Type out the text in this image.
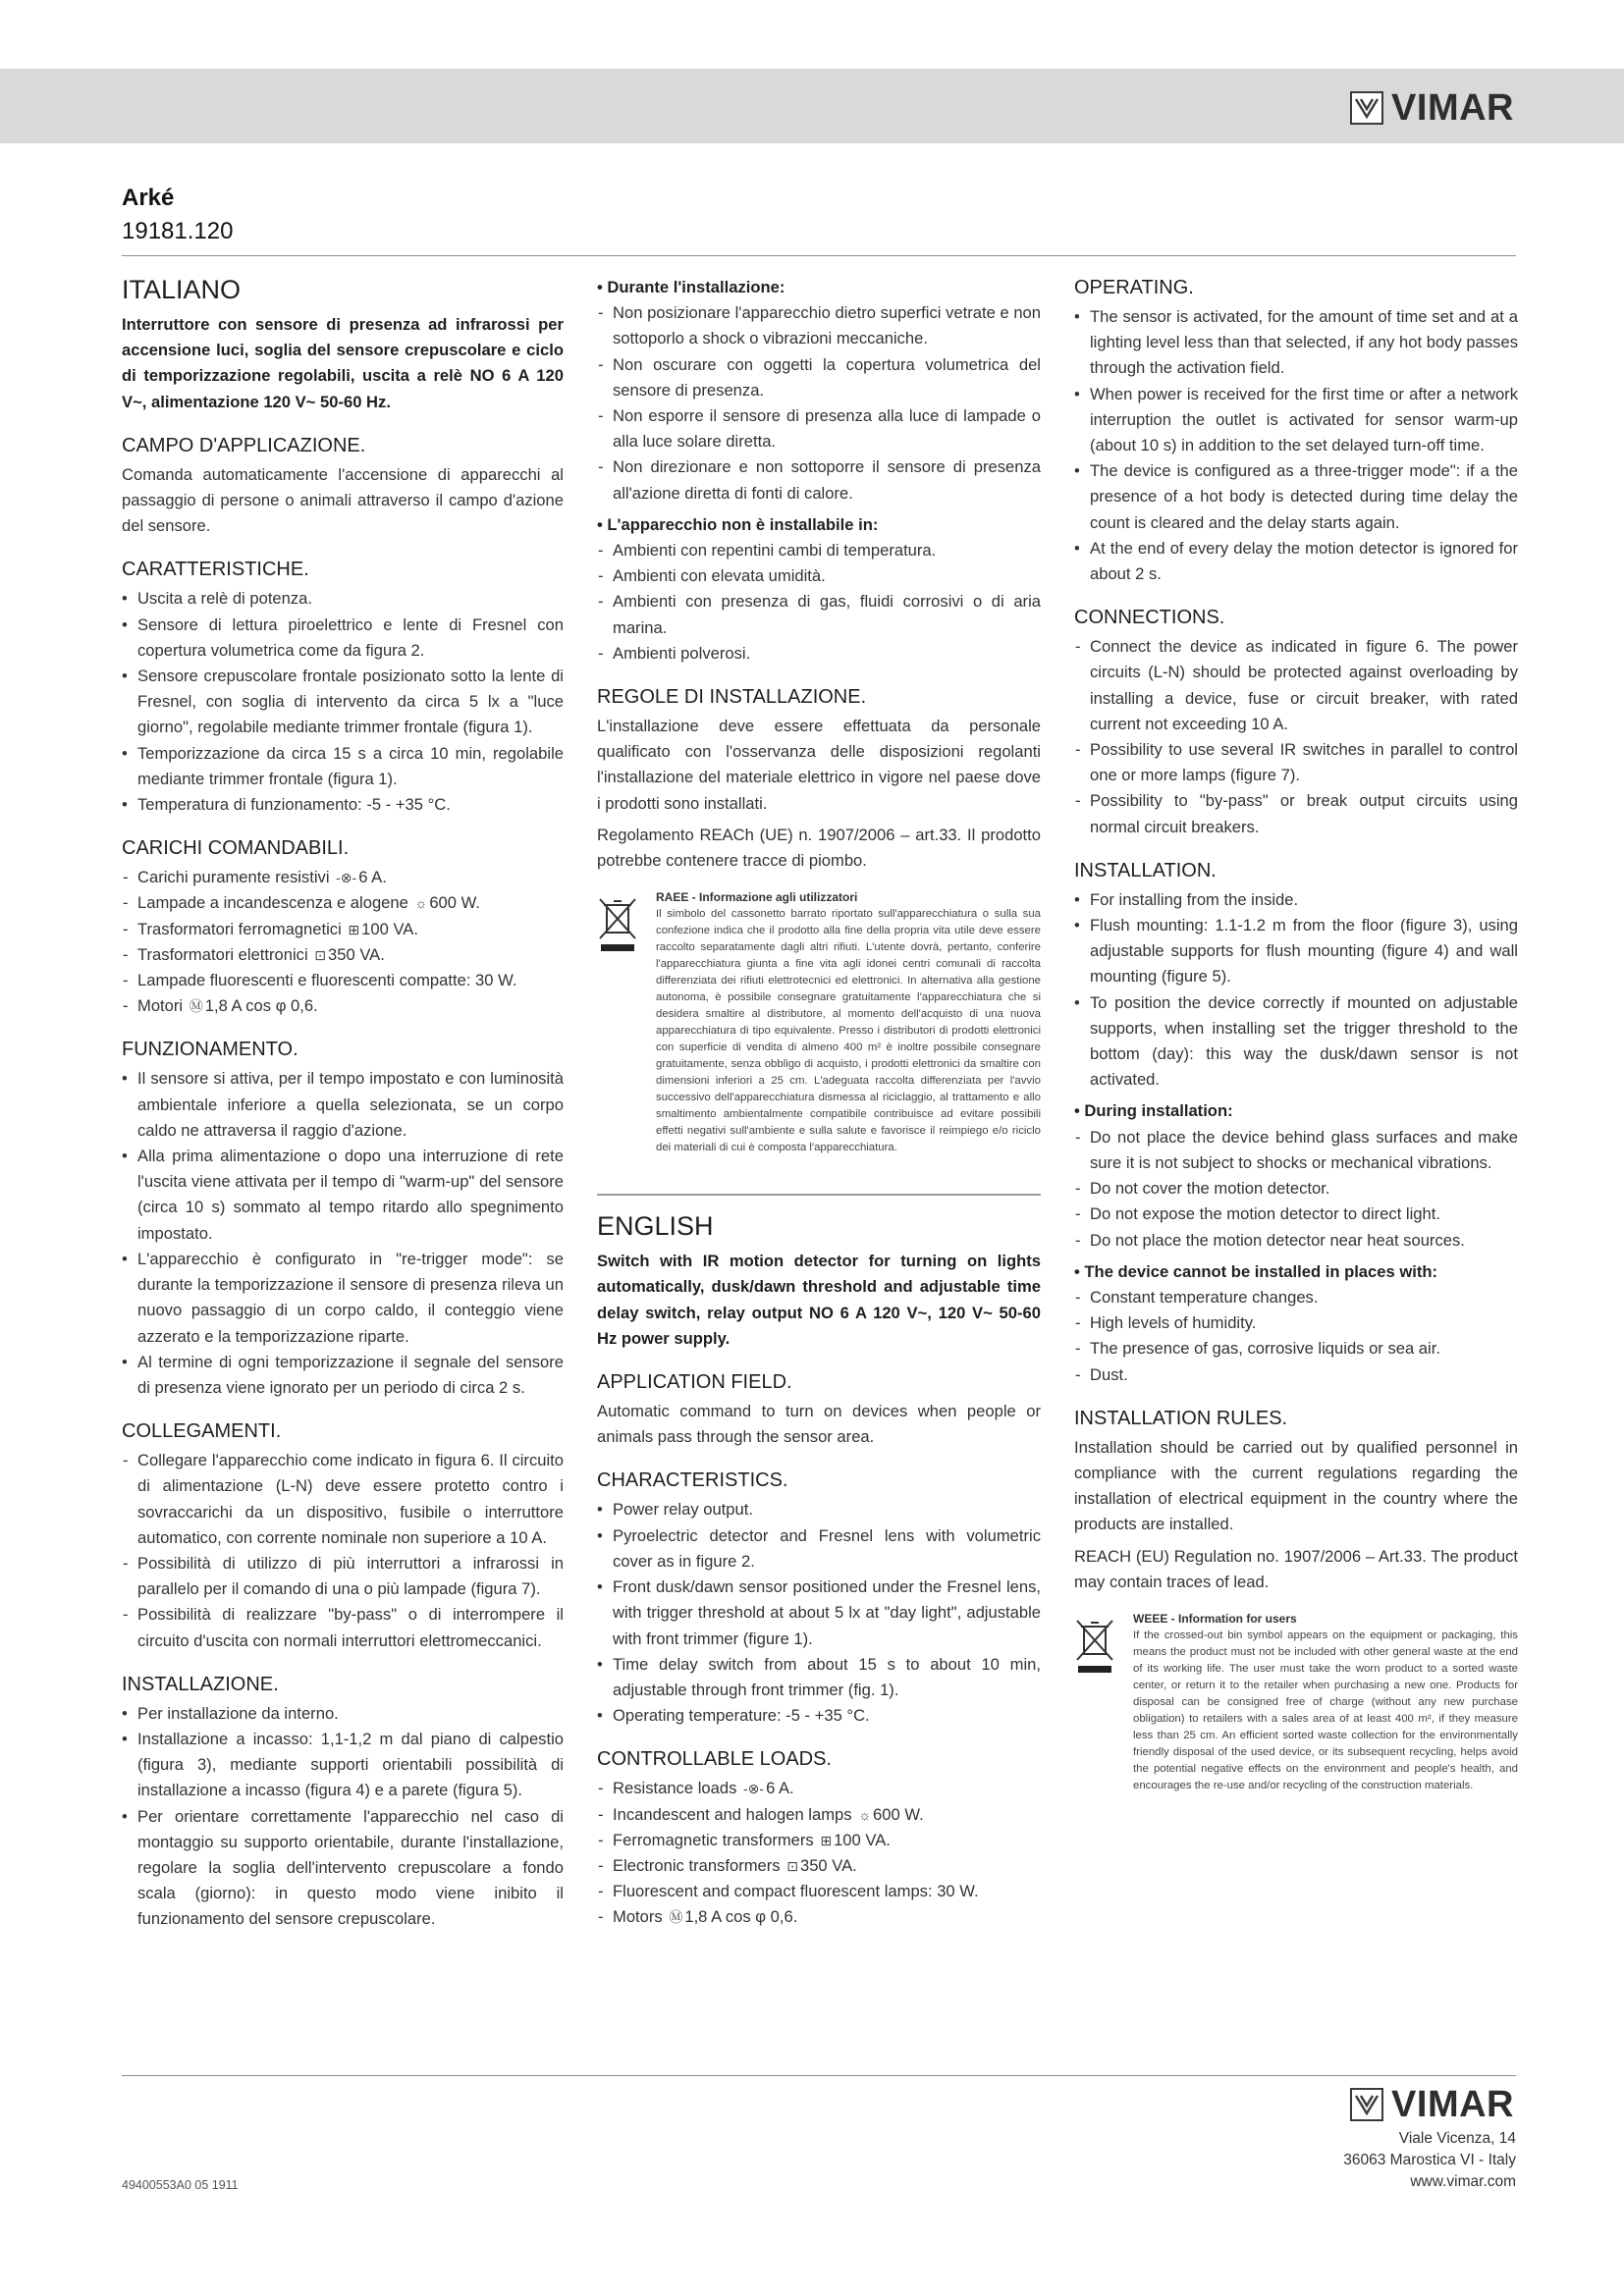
VIMAR
Arké
19181.120
ITALIANO

Interruttore con sensore di presenza ad infrarossi per accensione luci, soglia del sensore crepuscolare e ciclo di temporizzazione regolabili, uscita a relè NO 6 A 120 V~, alimentazione 120 V~ 50-60 Hz.

CAMPO D'APPLICAZIONE.

Comanda automaticamente l'accensione di apparecchi al passaggio di persone o animali attraverso il campo d'azione del sensore.

CARATTERISTICHE.
• Uscita a relè di potenza.
• Sensore di lettura piroelettrico e lente di Fresnel con copertura volumetrica come da figura 2.
• Sensore crepuscolare frontale posizionato sotto la lente di Fresnel, con soglia di intervento da circa 5 lx a "luce giorno", regolabile mediante trimmer frontale (figura 1).
• Temporizzazione da circa 15 s a circa 10 min, regolabile mediante trimmer frontale (figura 1).
• Temperatura di funzionamento: -5 - +35 °C.
CARICHI COMANDABILI.
- Carichi puramente resistivi -⊗- 6 A.
- Lampade a incandescenza e alogene ☼ 600 W.
- Trasformatori ferromagnetici ⊞ 100 VA.
- Trasformatori elettronici ⊡ 350 VA.
- Lampade fluorescenti e fluorescenti compatte: 30 W.
- Motori Ⓜ 1,8 A cos φ 0,6.
FUNZIONAMENTO.
• Il sensore si attiva, per il tempo impostato e con luminosità ambientale inferiore a quella selezionata, se un corpo caldo ne attraversa il raggio d'azione.
• Alla prima alimentazione o dopo una interruzione di rete l'uscita viene attivata per il tempo di "warm-up" del sensore (circa 10 s) sommato al tempo ritardo allo spegnimento impostato.
• L'apparecchio è configurato in "re-trigger mode": se durante la temporizzazione il sensore di presenza rileva un nuovo passaggio di un corpo caldo, il conteggio viene azzerato e la temporizzazione riparte.
• Al termine di ogni temporizzazione il segnale del sensore di presenza viene ignorato per un periodo di circa 2 s.
COLLEGAMENTI.
- Collegare l'apparecchio come indicato in figura 6. Il circuito di alimentazione (L-N) deve essere protetto contro i sovraccarichi da un dispositivo, fusibile o interruttore automatico, con corrente nominale non superiore a 10 A.
- Possibilità di utilizzo di più interruttori a infrarossi in parallelo per il comando di una o più lampade (figura 7).
- Possibilità di realizzare "by-pass" o di interrompere il circuito d'uscita con normali interruttori elettromeccanici.
INSTALLAZIONE.
• Per installazione da interno.
• Installazione a incasso: 1,1-1,2 m dal piano di calpestio (figura 3), mediante supporti orientabili possibilità di installazione a incasso (figura 4) e a parete (figura 5).
• Per orientare correttamente l'apparecchio nel caso di montaggio su supporto orientabile, durante l'installazione, regolare la soglia dell'intervento crepuscolare a fondo scala (giorno): in questo modo viene inibito il funzionamento del sensore crepuscolare.
• Durante l'installazione:
- Non posizionare l'apparecchio dietro superfici vetrate e non sottoporlo a shock o vibrazioni meccaniche.
- Non oscurare con oggetti la copertura volumetrica del sensore di presenza.
- Non esporre il sensore di presenza alla luce di lampade o alla luce solare diretta.
- Non direzionare e non sottoporre il sensore di presenza all'azione diretta di fonti di calore.
• L'apparecchio non è installabile in:
- Ambienti con repentini cambi di temperatura.
- Ambienti con elevata umidità.
- Ambienti con presenza di gas, fluidi corrosivi o di aria marina.
- Ambienti polverosi.
REGOLE DI INSTALLAZIONE.

L'installazione deve essere effettuata da personale qualificato con l'osservanza delle disposizioni regolanti l'installazione del materiale elettrico in vigore nel paese dove i prodotti sono installati.

Regolamento REACh (UE) n. 1907/2006 – art.33. Il prodotto potrebbe contenere tracce di piombo.

RAEE - Informazione agli utilizzatori
Il simbolo del cassonetto barrato riportato sull'apparecchiatura o sulla sua confezione indica che il prodotto alla fine della propria vita utile deve essere raccolto separatamente dagli altri rifiuti. L'utente dovrà, pertanto, conferire l'apparecchiatura giunta a fine vita agli idonei centri comunali di raccolta differenziata dei rifiuti elettrotecnici ed elettronici. In alternativa alla gestione autonoma, è possibile consegnare gratuitamente l'apparecchiatura che si desidera smaltire al distributore, al momento dell'acquisto di una nuova apparecchiatura di tipo equivalente. Presso i distributori di prodotti elettronici con superficie di vendita di almeno 400 m² è inoltre possibile consegnare gratuitamente, senza obbligo di acquisto, i prodotti elettronici da smaltire con dimensioni inferiori a 25 cm. L'adeguata raccolta differenziata per l'avvio successivo dell'apparecchiatura dismessa al riciclaggio, al trattamento e allo smaltimento ambientalmente compatibile contribuisce ad evitare possibili effetti negativi sull'ambiente e sulla salute e favorisce il reimpiego e/o riciclo dei materiali di cui è composta l'apparecchiatura.
ENGLISH

Switch with IR motion detector for turning on lights automatically, dusk/dawn threshold and adjustable time delay switch, relay output NO 6 A 120 V~, 120 V~ 50-60 Hz power supply.

APPLICATION FIELD.

Automatic command to turn on devices when people or animals pass through the sensor area.

CHARACTERISTICS.
• Power relay output.
• Pyroelectric detector and Fresnel lens with volumetric cover as in figure 2.
• Front dusk/dawn sensor positioned under the Fresnel lens, with trigger threshold at about 5 lx at "day light", adjustable with front trimmer (figure 1).
• Time delay switch from about 15 s to about 10 min, adjustable through front trimmer (fig. 1).
• Operating temperature: -5 - +35 °C.
CONTROLLABLE LOADS.
- Resistance loads -⊗- 6 A.
- Incandescent and halogen lamps ☼ 600 W.
- Ferromagnetic transformers ⊞ 100 VA.
- Electronic transformers ⊡ 350 VA.
- Fluorescent and compact fluorescent lamps: 30 W.
- Motors Ⓜ 1,8 A cos φ 0,6.
OPERATING.
• The sensor is activated, for the amount of time set and at a lighting level less than that selected, if any hot body passes through the activation field.
• When power is received for the first time or after a network interruption the outlet is activated for sensor warm-up (about 10 s) in addition to the set delayed turn-off time.
• The device is configured as a three-trigger mode": if a the presence of a hot body is detected during time delay the count is cleared and the delay starts again.
• At the end of every delay the motion detector is ignored for about 2 s.
CONNECTIONS.
- Connect the device as indicated in figure 6. The power circuits (L-N) should be protected against overloading by installing a device, fuse or circuit breaker, with rated current not exceeding 10 A.
- Possibility to use several IR switches in parallel to control one or more lamps (figure 7).
- Possibility to "by-pass" or break output circuits using normal circuit breakers.
INSTALLATION.
• For installing from the inside.
• Flush mounting: 1.1-1.2 m from the floor (figure 3), using adjustable supports for flush mounting (figure 4) and wall mounting (figure 5).
• To position the device correctly if mounted on adjustable supports, when installing set the trigger threshold to the bottom (day): this way the dusk/dawn sensor is not activated.
• During installation:
- Do not place the device behind glass surfaces and make sure it is not subject to shocks or mechanical vibrations.
- Do not cover the motion detector.
- Do not expose the motion detector to direct light.
- Do not place the motion detector near heat sources.
• The device cannot be installed in places with:
- Constant temperature changes.
- High levels of humidity.
- The presence of gas, corrosive liquids or sea air.
- Dust.
INSTALLATION RULES.

Installation should be carried out by qualified personnel in compliance with the current regulations regarding the installation of electrical equipment in the country where the products are installed.

REACH (EU) Regulation no. 1907/2006 – Art.33. The product may contain traces of lead.

WEEE - Information for users
If the crossed-out bin symbol appears on the equipment or packaging, this means the product must not be included with other general waste at the end of its working life. The user must take the worn product to a sorted waste center, or return it to the retailer when purchasing a new one. Products for disposal can be consigned free of charge (without any new purchase obligation) to retailers with a sales area of at least 400 m², if they measure less than 25 cm. An efficient sorted waste collection for the environmentally friendly disposal of the used device, or its subsequent recycling, helps avoid the potential negative effects on the environment and people's health, and encourages the re-use and/or recycling of the construction materials.
VIMAR
Viale Vicenza, 14
36063 Marostica VI - Italy
www.vimar.com
49400553A0 05 1911
